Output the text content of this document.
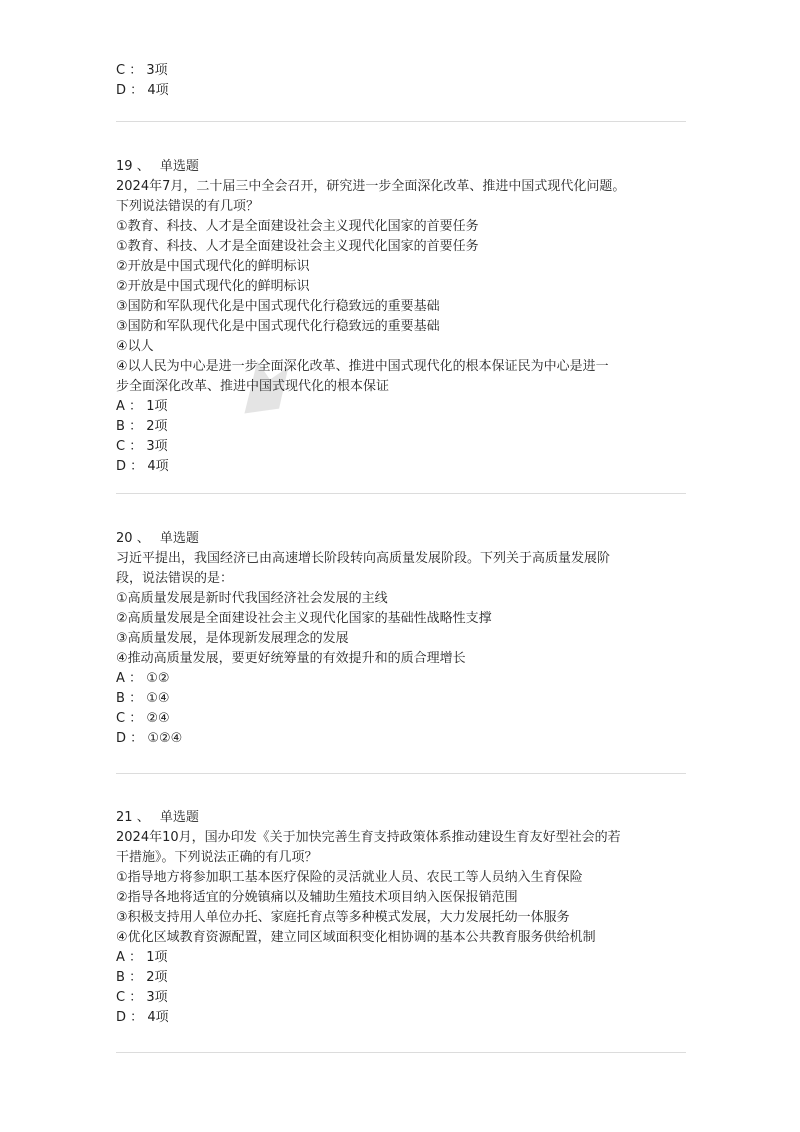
C ： 3项
D ： 4项
19 、 单选题
2024年7月，二十届三中全会召开，研究进一步全面深化改革、推进中国式现代化问题。
下列说法错误的有几项？
①教育、科技、人才是全面建设社会主义现代化国家的首要任务
①教育、科技、人才是全面建设社会主义现代化国家的首要任务
②开放是中国式现代化的鲜明标识
②开放是中国式现代化的鲜明标识
③国防和军队现代化是中国式现代化行稳致远的重要基础
③国防和军队现代化是中国式现代化行稳致远的重要基础
④以人
④以人民为中心是进一步全面深化改革、推进中国式现代化的根本保证民为中心是进一
步全面深化改革、推进中国式现代化的根本保证
A ： 1项
B ： 2项
C ： 3项
D ： 4项
20 、 单选题
习近平提出，我国经济已由高速增长阶段转向高质量发展阶段。下列关于高质量发展阶
段，说法错误的是：
①高质量发展是新时代我国经济社会发展的主线
②高质量发展是全面建设社会主义现代化国家的基础性战略性支撑
③高质量发展，是体现新发展理念的发展
④推动高质量发展，要更好统筹量的有效提升和的质合理增长
A ： ①②
B ： ①④
C ： ②④
D ： ①②④
21 、 单选题
2024年10月，国办印发《关于加快完善生育支持政策体系推动建设生育友好型社会的若
干措施》。下列说法正确的有几项？
①指导地方将参加职工基本医疗保险的灵活就业人员、农民工等人员纳入生育保险
②指导各地将适宜的分娩镇痛以及辅助生殖技术项目纳入医保报销范围
③积极支持用人单位办托、家庭托育点等多种模式发展，大力发展托幼一体服务
④优化区域教育资源配置，建立同区域面积变化相协调的基本公共教育服务供给机制
A ： 1项
B ： 2项
C ： 3项
D ： 4项
